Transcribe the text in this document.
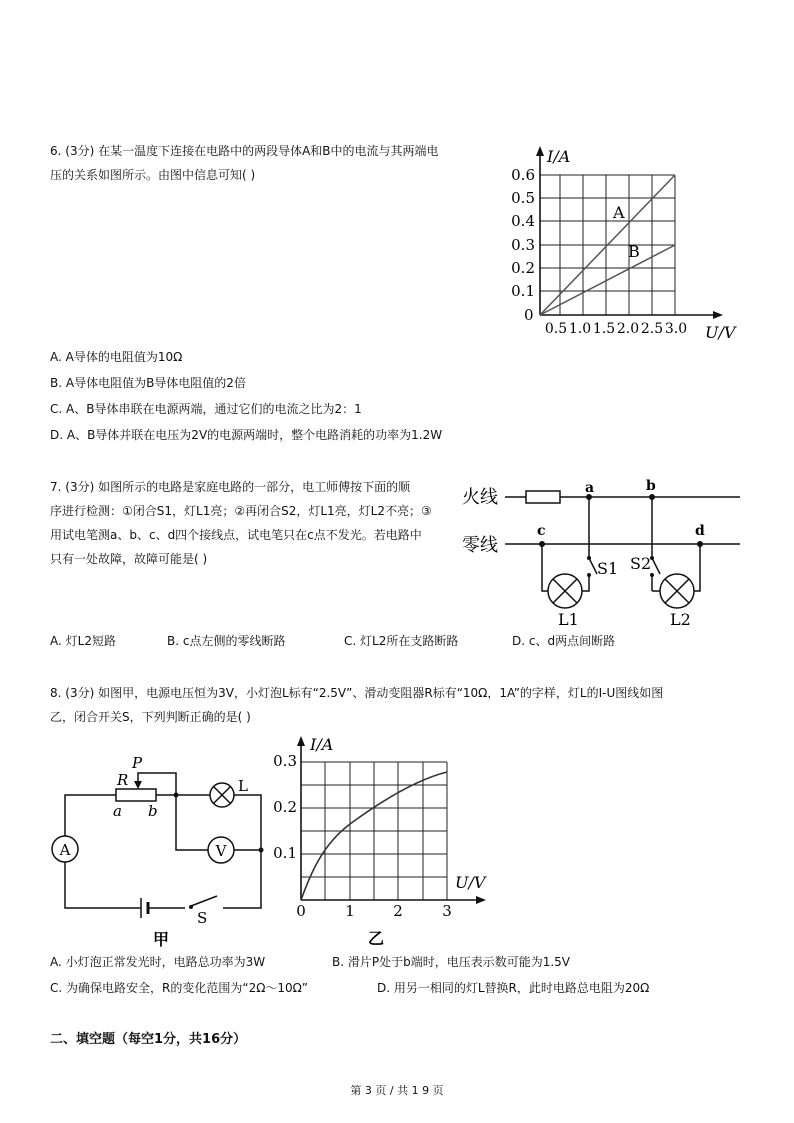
6. (3分) 在某一温度下连接在电路中的两段导体A和B中的电流与其两端电
压的关系如图所示。由图中信息可知( )
A
B
I/A
U/V
0
0.1
0.2
0.3
0.4
0.5
0.6
0.5 1.0 1.5 2.0 2.5 3.0
A. A导体的电阻值为10Ω
B. A导体电阻值为B导体电阻值的2倍
C. A、B导体串联在电源两端，通过它们的电流之比为2：1
D. A、B导体并联在电压为2V的电源两端时，整个电路消耗的功率为1.2W
7. (3分) 如图所示的电路是家庭电路的一部分，电工师傅按下面的顺
序进行检测：①闭合S1，灯L1亮；②再闭合S2，灯L1亮，灯L2不亮；③
用试电笔测a、b、c、d四个接线点，试电笔只在c点不发光。若电路中
只有一处故障，故障可能是( )
火线
零线
a	b
c	d
S1 S2
L1	L2
A. 灯L2短路	B. c点左侧的零线断路	C. 灯L2所在支路断路	D. c、d两点间断路
8. (3分) 如图甲，电源电压恒为3V，小灯泡L标有“2.5V”、滑动变阻器R标有“10Ω，1A”的字样，灯L的I-U图线如图
乙，闭合开关S，下列判断正确的是( )
A	V
L
R
P
a b
S
甲
I/A
U/V
0.1
0.2
0.3
0	1	2	3
乙
A. 小灯泡正常发光时，电路总功率为3W	B. 滑片P处于b端时，电压表示数可能为1.5V
C. 为确保电路安全，R的变化范围为“2Ω～10Ω”	D. 用另一相同的灯L替换R，此时电路总电阻为20Ω
二、填空题（每空1分，共16分）
第 3 页 / 共 1 9 页
